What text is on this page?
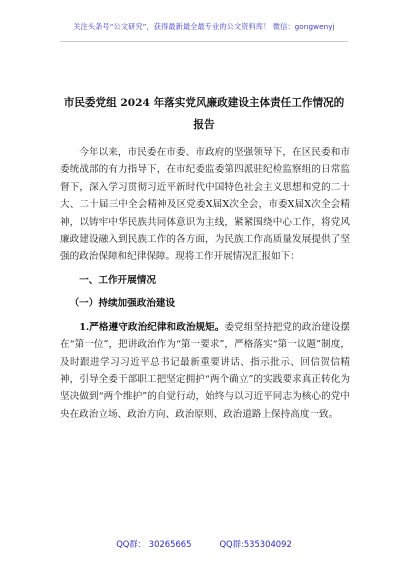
关注头条号“公文研究”，获得最新最全最专业的公文资料库！ 微信：gongwenyj
市民委党组 2024 年落实党风廉政建设主体责任工作情况的报告

今年以来，市民委在市委、市政府的坚强领导下，在区民委和市委统战部的有力指导下，在市纪委监委第四派驻纪检监察组的日常监督下，深入学习贯彻习近平新时代中国特色社会主义思想和党的二十大、二十届三中全会精神及区党委X届X次全会，市委X届X次全会精神，以铸牢中华民族共同体意识为主线，紧紧围绕中心工作，将党风廉政建设融入到民族工作的各方面，为民族工作高质量发展提供了坚强的政治保障和纪律保障。现将工作开展情况汇报如下：

一、工作开展情况

（一）持续加强政治建设

1.严格遵守政治纪律和政治规矩。委党组坚持把党的政治建设摆在“第一位”，把讲政治作为“第一要求”，严格落实“第一议题”制度，及时跟进学习习近平总书记最新重要讲话、指示批示、回信贺信精神，引导全委干部职工把坚定拥护“两个确立”的实践要求真正转化为坚决做到“两个维护”的自觉行动，始终与以习近平同志为核心的党中央在政治立场、政治方向、政治原则、政治道路上保持高度一致。

QQ群： 30265665	QQ群:535304092
